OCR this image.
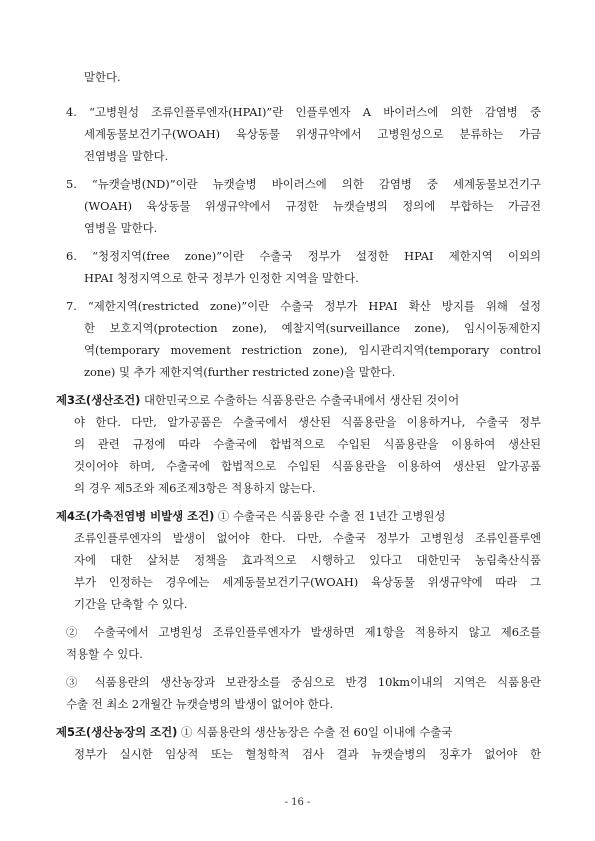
말한다.
4. “고병원성 조류인플루엔자(HPAI)”란 인플루엔자 A 바이러스에 의한 감염병 중
세계동물보건기구(WOAH) 육상동물 위생규약에서 고병원성으로 분류하는 가금
전염병을 말한다.
5. “뉴캣슬병(ND)”이란 뉴캣슬병 바이러스에 의한 감염병 중 세계동물보건기구
(WOAH) 육상동물 위생규약에서 규정한 뉴캣슬병의 정의에 부합하는 가금전
염병을 말한다.
6. “청정지역(free zone)”이란 수출국 정부가 설정한 HPAI 제한지역 이외의
HPAI 청정지역으로 한국 정부가 인정한 지역을 말한다.
7. “제한지역(restricted zone)”이란 수출국 정부가 HPAI 확산 방지를 위해 설정
한 보호지역(protection zone), 예찰지역(surveillance zone), 임시이동제한지
역(temporary movement restriction zone), 임시관리지역(temporary control
zone) 및 추가 제한지역(further restricted zone)을 말한다.
제3조(생산조건) 대한민국으로 수출하는 식품용란은 수출국내에서 생산된 것이어
야 한다. 다만, 알가공품은 수출국에서 생산된 식품용란을 이용하거나, 수출국 정부
의 관련 규정에 따라 수출국에 합법적으로 수입된 식품용란을 이용하여 생산된
것이어야 하며, 수출국에 합법적으로 수입된 식품용란을 이용하여 생산된 알가공품
의 경우 제5조와 제6조제3항은 적용하지 않는다.
제4조(가축전염병 비발생 조건) ① 수출국은 식품용란 수출 전 1년간 고병원성
조류인플루엔자의 발생이 없어야 한다. 다만, 수출국 정부가 고병원성 조류인플루엔
자에 대한 살처분 정책을 효과적으로 시행하고 있다고 대한민국 농림축산식품
부가 인정하는 경우에는 세계동물보건기구(WOAH) 육상동물 위생규약에 따라 그
기간을 단축할 수 있다.
② 수출국에서 고병원성 조류인플루엔자가 발생하면 제1항을 적용하지 않고 제6조를
적용할 수 있다.
③ 식품용란의 생산농장과 보관장소를 중심으로 반경 10km이내의 지역은 식품용란
수출 전 최소 2개월간 뉴캣슬병의 발생이 없어야 한다.
제5조(생산농장의 조건) ① 식품용란의 생산농장은 수출 전 60일 이내에 수출국
정부가 실시한 임상적 또는 혈청학적 검사 결과 뉴캣슬병의 징후가 없어야 한
- 16 -
